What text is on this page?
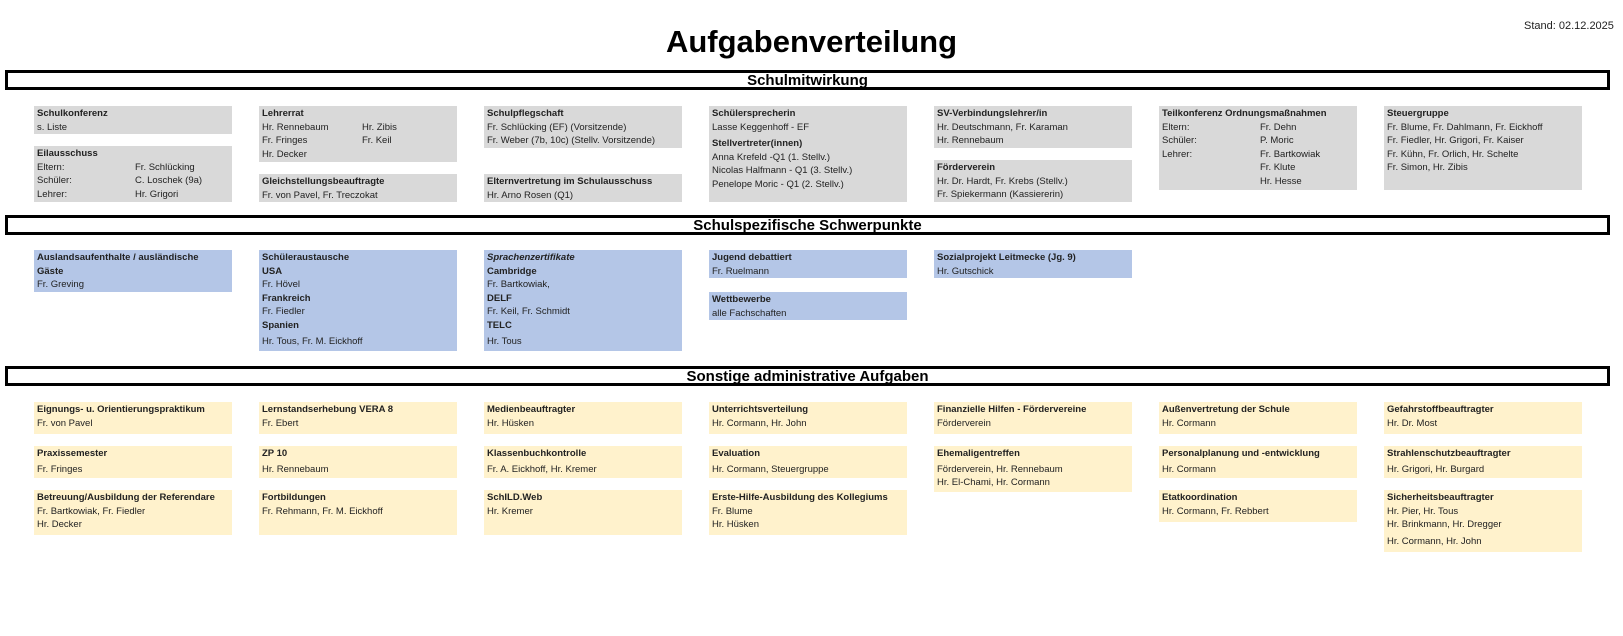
Stand: 02.12.2025
Aufgabenverteilung
Schulmitwirkung
Schulkonferenz
s. Liste
Eilausschuss
Eltern:	Fr. Schlücking
Schüler:	C. Loschek (9a)
Lehrer:	Hr. Grigori
Lehrerrat
Hr. Rennebaum	Hr. Zibis
Fr. Fringes	Fr. Keil
Hr. Decker
Gleichstellungsbeauftragte
Fr. von Pavel, Fr. Treczokat
Schulpflegschaft
Fr. Schlücking (EF) (Vorsitzende)
Fr. Weber (7b, 10c) (Stellv. Vorsitzende)
Elternvertretung im Schulausschuss
Hr. Arno Rosen (Q1)
Schülersprecherin
Lasse Keggenhoff - EF
Stellvertreter(innen)
Anna Krefeld -Q1 (1. Stellv.)
Nicolas Halfmann - Q1 (3. Stellv.)
Penelope Moric - Q1 (2. Stellv.)
SV-Verbindungslehrer/in
Hr. Deutschmann, Fr. Karaman
Hr. Rennebaum
Förderverein
Hr. Dr. Hardt, Fr. Krebs (Stellv.)
Fr. Spiekermann (Kassiererin)
Teilkonferenz Ordnungsmaßnahmen
Eltern:	Fr. Dehn
Schüler:	P. Moric
Lehrer:	Fr. Bartkowiak
Fr. Klute
Hr. Hesse
Steuergruppe
Fr. Blume, Fr. Dahlmann, Fr. Eickhoff
Fr. Fiedler, Hr. Grigori, Fr. Kaiser
Fr. Kühn, Fr. Orlich, Hr. Schelte
Fr. Simon, Hr. Zibis
Schulspezifische Schwerpunkte
Auslandsaufenthalte / ausländische
Gäste
Fr. Greving
Schüleraustausche
USA
Fr. Hövel
Frankreich
Fr. Fiedler
Spanien
Hr. Tous, Fr. M. Eickhoff
Sprachenzertifikate
Cambridge
Fr. Bartkowiak,
DELF
Fr. Keil, Fr. Schmidt
TELC
Hr. Tous
Jugend debattiert
Fr. Ruelmann
Wettbewerbe
alle Fachschaften
Sozialprojekt Leitmecke (Jg. 9)
Hr. Gutschick
Sonstige administrative Aufgaben
Eignungs- u. Orientierungspraktikum
Fr. von Pavel
Praxissemester
Fr. Fringes
Betreuung/Ausbildung der Referendare
Fr. Bartkowiak, Fr. Fiedler
Hr. Decker
Lernstandserhebung VERA 8
Fr. Ebert
ZP 10
Hr. Rennebaum
Fortbildungen
Fr. Rehmann, Fr. M. Eickhoff
Medienbeauftragter
Hr. Hüsken
Klassenbuchkontrolle
Fr. A. Eickhoff, Hr. Kremer
SchILD.Web
Hr. Kremer
Unterrichtsverteilung
Hr. Cormann, Hr. John
Evaluation
Hr. Cormann, Steuergruppe
Erste-Hilfe-Ausbildung des Kollegiums
Fr. Blume
Hr. Hüsken
Finanzielle Hilfen - Fördervereine
Förderverein
Ehemaligentreffen
Förderverein, Hr. Rennebaum
Hr. El-Chami, Hr. Cormann
Außenvertretung der Schule
Hr. Cormann
Personalplanung und -entwicklung
Hr. Cormann
Etatkoordination
Hr. Cormann, Fr. Rebbert
Gefahrstoffbeauftragter
Hr. Dr. Most
Strahlenschutzbeauftragter
Hr. Grigori, Hr. Burgard
Sicherheitsbeauftragter
Hr. Pier, Hr. Tous
Hr. Brinkmann, Hr. Dregger
Hr. Cormann, Hr. John
